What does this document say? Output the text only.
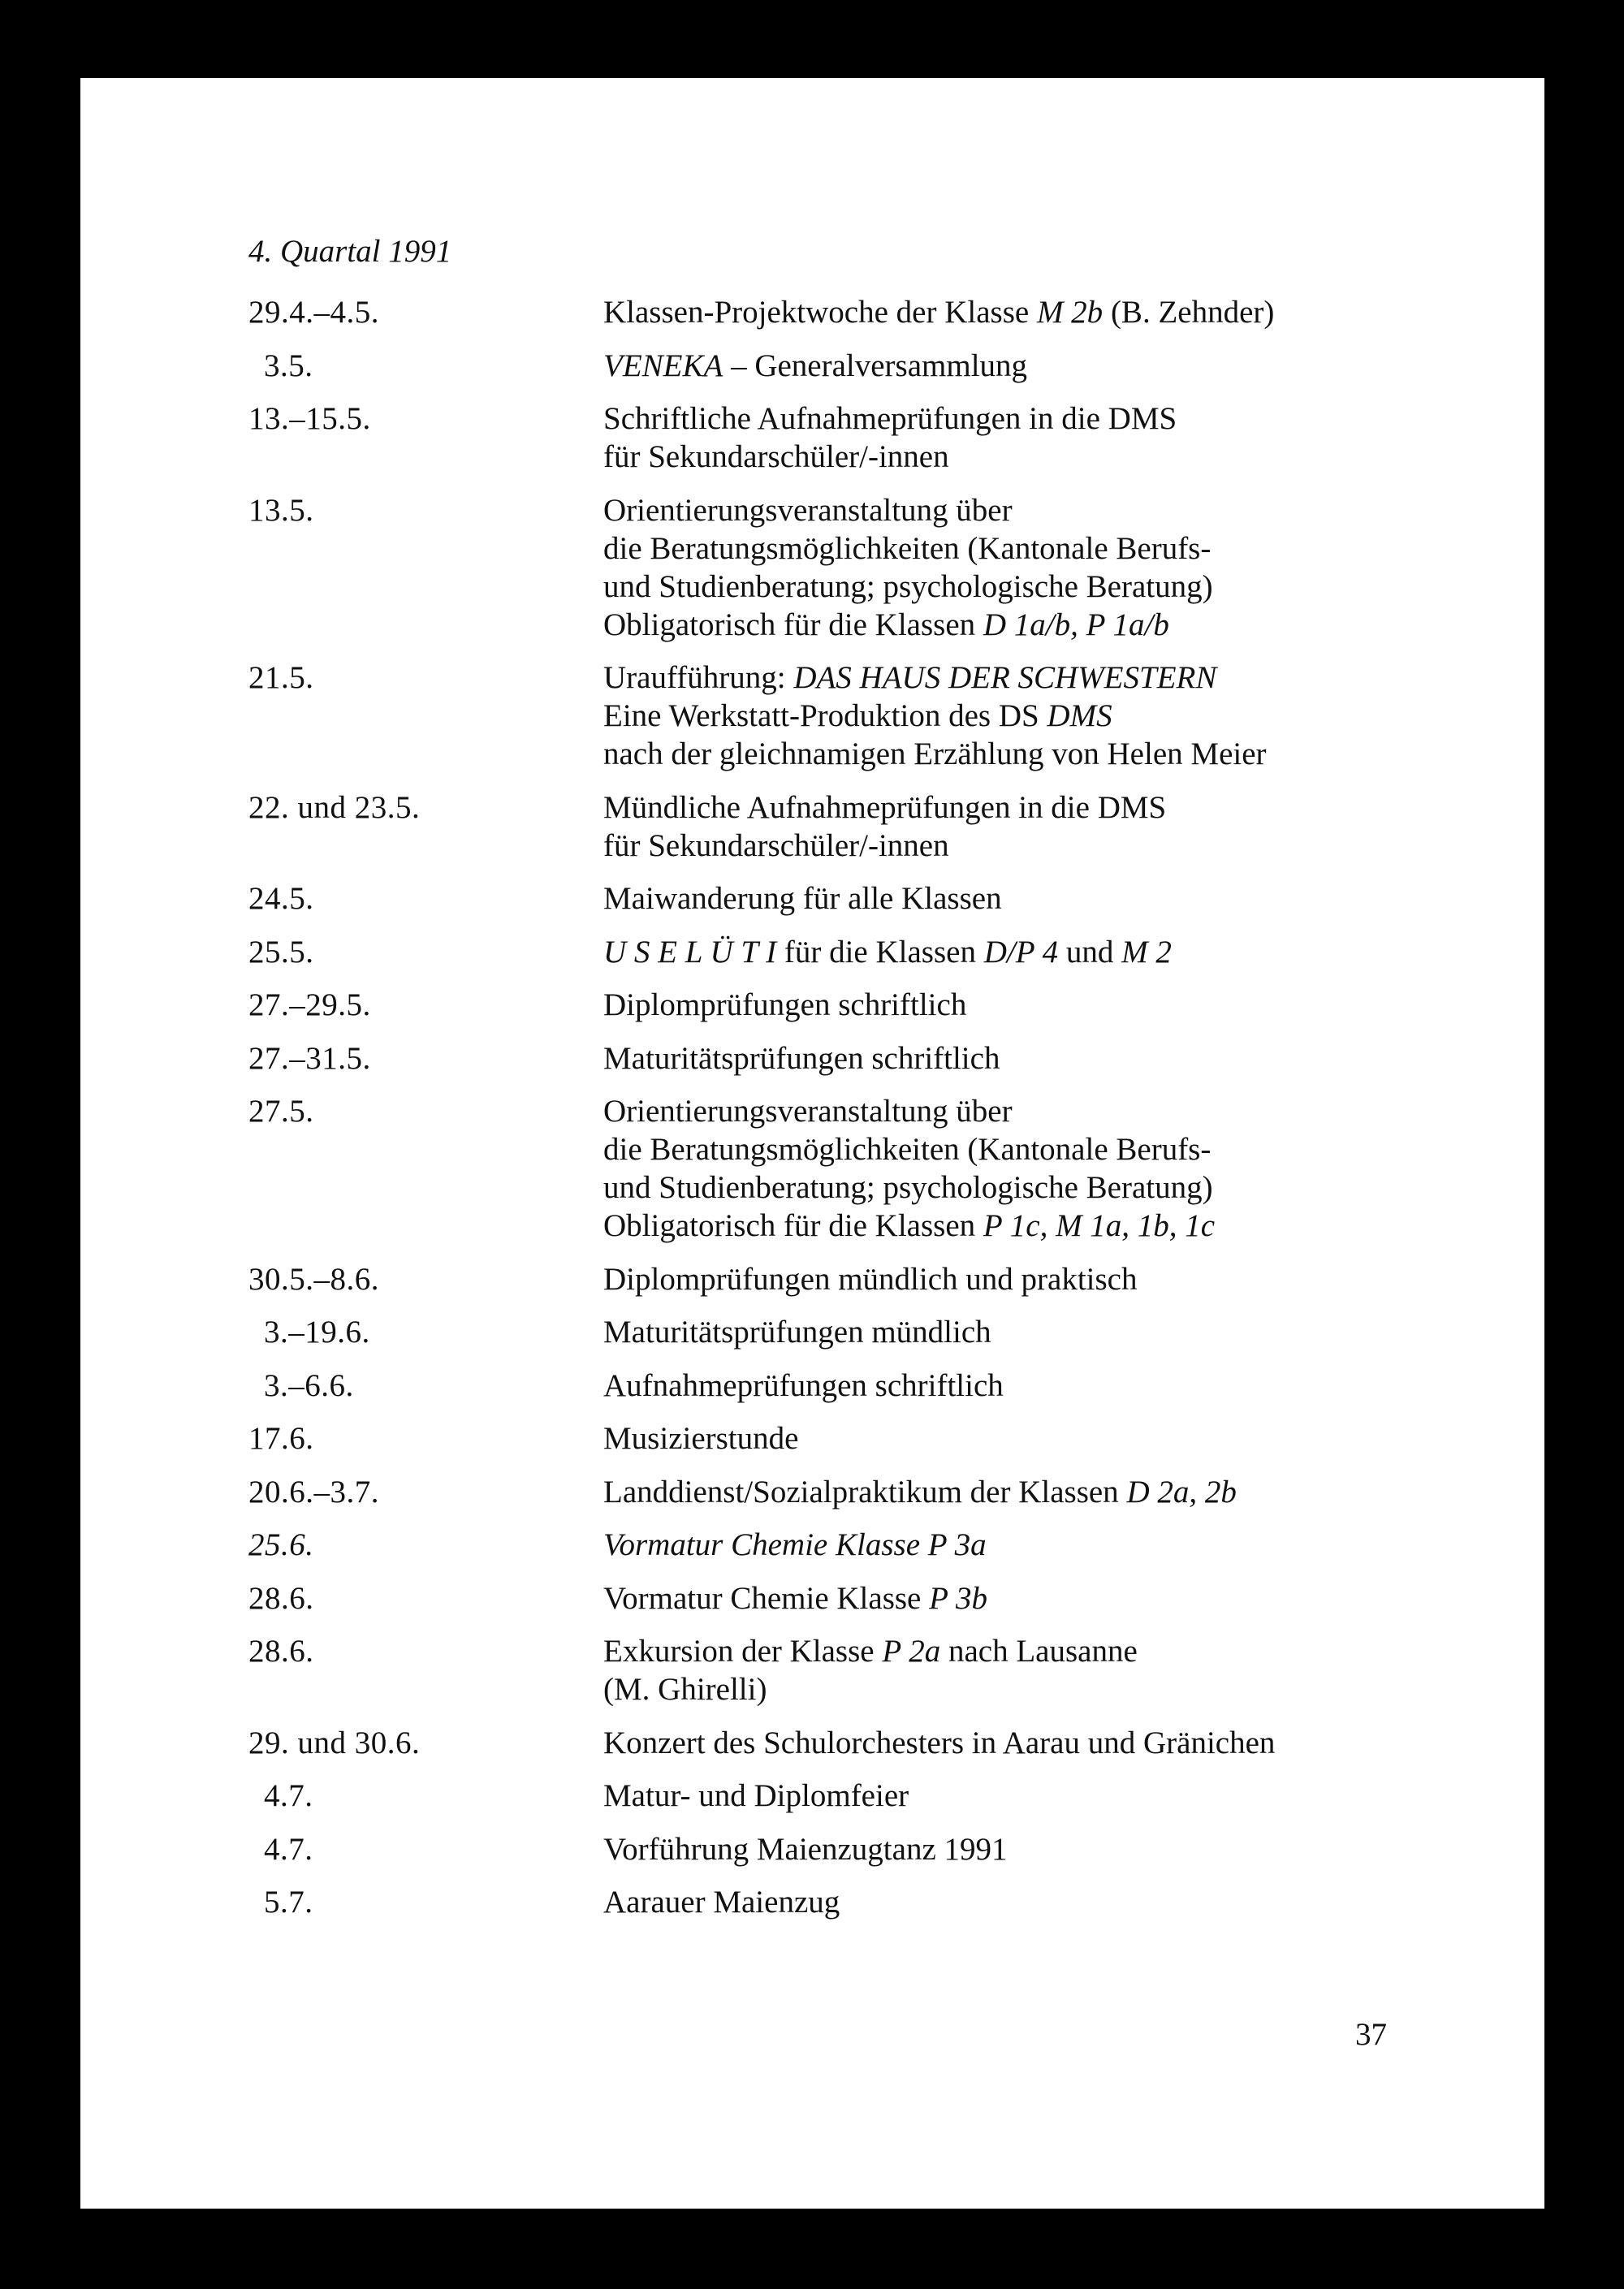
4. Quartal 1991
29.4.–4.5.	Klassen-Projektwoche der Klasse M 2b (B. Zehnder)
3.5.	VENEKA – Generalversammlung
13.–15.5.	Schriftliche Aufnahmeprüfungen in die DMS
für Sekundarschüler/-innen
13.5.	Orientierungsveranstaltung über
die Beratungsmöglichkeiten (Kantonale Berufs-
und Studienberatung; psychologische Beratung)
Obligatorisch für die Klassen D 1a/b, P 1a/b
21.5.	Uraufführung: DAS HAUS DER SCHWESTERN
Eine Werkstatt-Produktion des DS DMS
nach der gleichnamigen Erzählung von Helen Meier
22. und 23.5.	Mündliche Aufnahmeprüfungen in die DMS
für Sekundarschüler/-innen
24.5.	Maiwanderung für alle Klassen
25.5.	U S E L Ü T I für die Klassen D/P 4 und M 2
27.–29.5.	Diplomprüfungen schriftlich
27.–31.5.	Maturitätsprüfungen schriftlich
27.5.	Orientierungsveranstaltung über
die Beratungsmöglichkeiten (Kantonale Berufs-
und Studienberatung; psychologische Beratung)
Obligatorisch für die Klassen P 1c, M 1a, 1b, 1c
30.5.–8.6.	Diplomprüfungen mündlich und praktisch
3.–19.6.	Maturitätsprüfungen mündlich
3.–6.6.	Aufnahmeprüfungen schriftlich
17.6.	Musizierstunde
20.6.–3.7.	Landdienst/Sozialpraktikum der Klassen D 2a, 2b
25.6.	Vormatur Chemie Klasse P 3a
28.6.	Vormatur Chemie Klasse P 3b
28.6.	Exkursion der Klasse P 2a nach Lausanne
(M. Ghirelli)
29. und 30.6.	Konzert des Schulorchesters in Aarau und Gränichen
4.7.	Matur- und Diplomfeier
4.7.	Vorführung Maienzugtanz 1991
5.7.	Aarauer Maienzug
37
